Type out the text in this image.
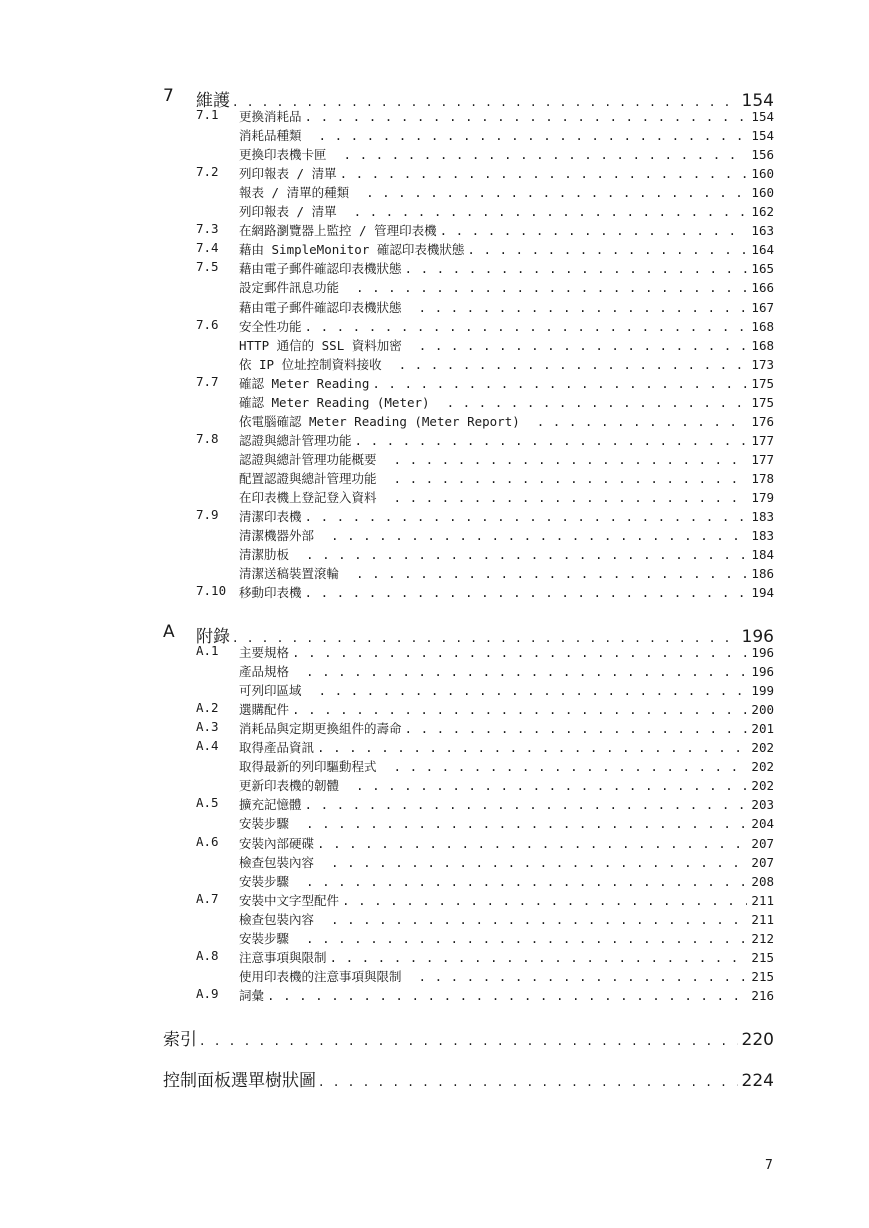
7 維護 . . .	154
7.1 更換消耗品 . . .	154
消耗品種類 . . .	154
更換印表機卡匣 . . .	156
7.2 列印報表 / 清單 . . .	160
報表 / 清單的種類 . . .	160
列印報表 / 清單 . . .	162
7.3 在網路瀏覽器上監控 / 管理印表機 . . .	163
7.4 藉由 SimpleMonitor 確認印表機狀態 . . .	164
7.5 藉由電子郵件確認印表機狀態 . . .	165
設定郵件訊息功能 . . .	166
藉由電子郵件確認印表機狀態 . . .	167
7.6 安全性功能 . . .	168
HTTP 通信的 SSL 資料加密 . . .	168
依 IP 位址控制資料接收 . . .	173
7.7 確認 Meter Reading . . .	175
確認 Meter Reading (Meter) . . .	175
依電腦確認 Meter Reading (Meter Report) . . .	176
7.8 認證與總計管理功能 . . .	177
認證與總計管理功能概要 . . .	177
配置認證與總計管理功能 . . .	178
在印表機上登記登入資料 . . .	179
7.9 清潔印表機 . . .	183
清潔機器外部 . . .	183
清潔肋板 . . .	184
清潔送稿裝置滾輪 . . .	186
7.10 移動印表機 . . .	194
A 附錄 . . .	196
A.1 主要規格 . . .	196
產品規格 . . .	196
可列印區域 . . .	199
A.2 選購配件 . . .	200
A.3 消耗品與定期更換組件的壽命 . . .	201
A.4 取得產品資訊 . . .	202
取得最新的列印驅動程式 . . .	202
更新印表機的韌體 . . .	202
A.5 擴充記憶體 . . .	203
安裝步驟 . . .	204
A.6 安裝內部硬碟 . . .	207
檢查包裝內容 . . .	207
安裝步驟 . . .	208
A.7 安裝中文字型配件 . . .	211
檢查包裝內容 . . .	211
安裝步驟 . . .	212
A.8 注意事項與限制 . . .	215
使用印表機的注意事項與限制 . . .	215
A.9 詞彙 . . .	216
索引 . . .	220
控制面板選單樹狀圖 . . .	224
7
